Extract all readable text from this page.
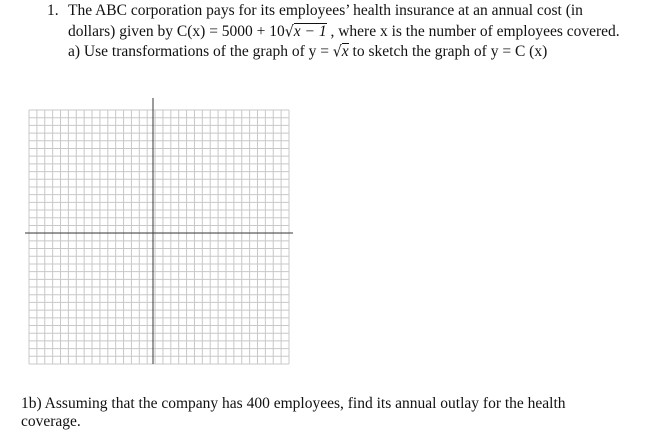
1. The ABC corporation pays for its employees’ health insurance at an annual cost (in
dollars) given by C(x) = 5000 + 10√x − 1 , where x is the number of employees covered.
a) Use transformations of the graph of y = √x to sketch the graph of y = C (x)
1b) Assuming that the company has 400 employees, find its annual outlay for the health coverage.
